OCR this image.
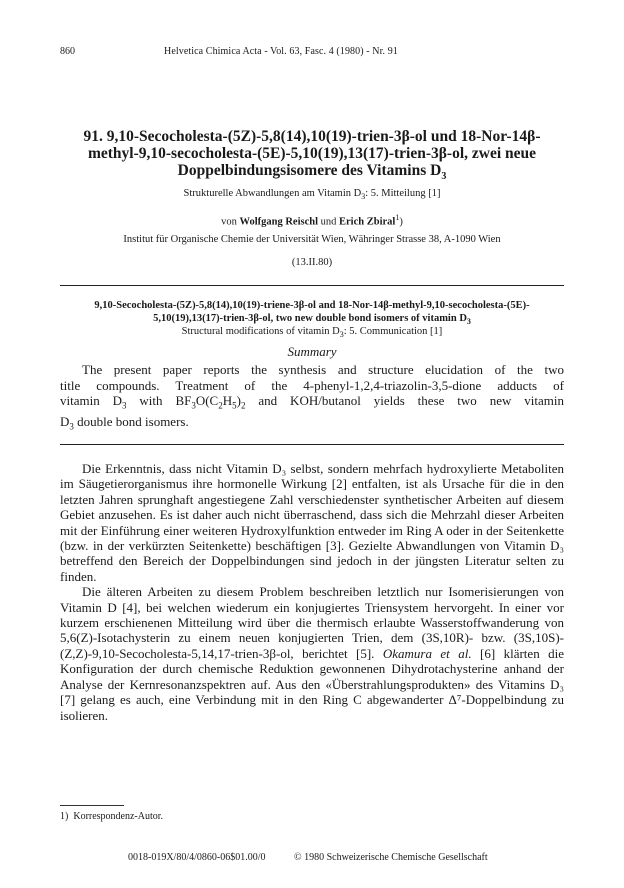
860	Helvetica Chimica Acta - Vol. 63, Fasc. 4 (1980) - Nr. 91
91. 9,10-Secocholesta-(5Z)-5,8(14),10(19)-trien-3β-ol und 18-Nor-14β-
methyl-9,10-secocholesta-(5E)-5,10(19),13(17)-trien-3β-ol, zwei neue
Doppelbindungsisomere des Vitamins $D_3$
Strukturelle Abwandlungen am Vitamin $D_3$: 5. Mitteilung [1]
von Wolfgang Reischl und Erich Zbiral$^1$)
Institut für Organische Chemie der Universität Wien, Währinger Strasse 38, A-1090 Wien
(13.II.80)
9,10-Secocholesta-(5Z)-5,8(14),10(19)-triene-3β-ol and 18-Nor-14β-methyl-9,10-secocholesta-(5E)-
5,10(19),13(17)-trien-3β-ol, two new double bond isomers of vitamin $D_3$
Structural modifications of vitamin $D_3$: 5. Communication [1]
Summary
The present paper reports the synthesis and structure elucidation of the two
title compounds. Treatment of the 4-phenyl-1,2,4-triazolin-3,5-dione adducts of
vitamin $D_3$ with $BF_3O(C_2H_5)_2$ and KOH/butanol yields these two new vitamin
$D_3$ double bond isomers.

Die Erkenntnis, dass nicht Vitamin D₃ selbst, sondern mehrfach hydroxylierte Metaboliten im Säugetierorganismus ihre hormonelle Wirkung [2] entfalten, ist als Ursache für die in den letzten Jahren sprunghaft angestiegene Zahl verschiedenster synthetischer Arbeiten auf diesem Gebiet anzusehen. Es ist daher auch nicht überraschend, dass sich die Mehrzahl dieser Arbeiten mit der Einführung einer weiteren Hydroxylfunktion entweder im Ring A oder in der Seitenkette (bzw. in der verkürzten Seitenkette) beschäftigen [3]. Gezielte Abwandlungen von Vitamin D₃ betreffend den Bereich der Doppelbindungen sind jedoch in der jüngsten Literatur selten zu finden.

Die älteren Arbeiten zu diesem Problem beschreiben letztlich nur Isomerisierungen von Vitamin D [4], bei welchen wiederum ein konjugiertes Triensystem hervorgeht. In einer vor kurzem erschienenen Mitteilung wird über die thermisch erlaubte Wasserstoffwanderung von 5,6(Z)-Isotachysterin zu einem neuen konjugierten Trien, dem (3S,10R)- bzw. (3S,10S)-(Z,Z)-9,10-Secocholesta-5,14,17-trien-3β-ol, berichtet [5]. Okamura et al. [6] klärten die Konfiguration der durch chemische Reduktion gewonnenen Dihydrotachysterine anhand der Analyse der Kernresonanzspektren auf. Aus den «Überstrahlungsprodukten» des Vitamins D₃ [7] gelang es auch, eine Verbindung mit in den Ring C abgewanderter Δ⁷-Doppelbindung zu isolieren.

1) Korrespondenz-Autor.
0018-019X/80/4/0860-06$01.00/0	© 1980 Schweizerische Chemische Gesellschaft
